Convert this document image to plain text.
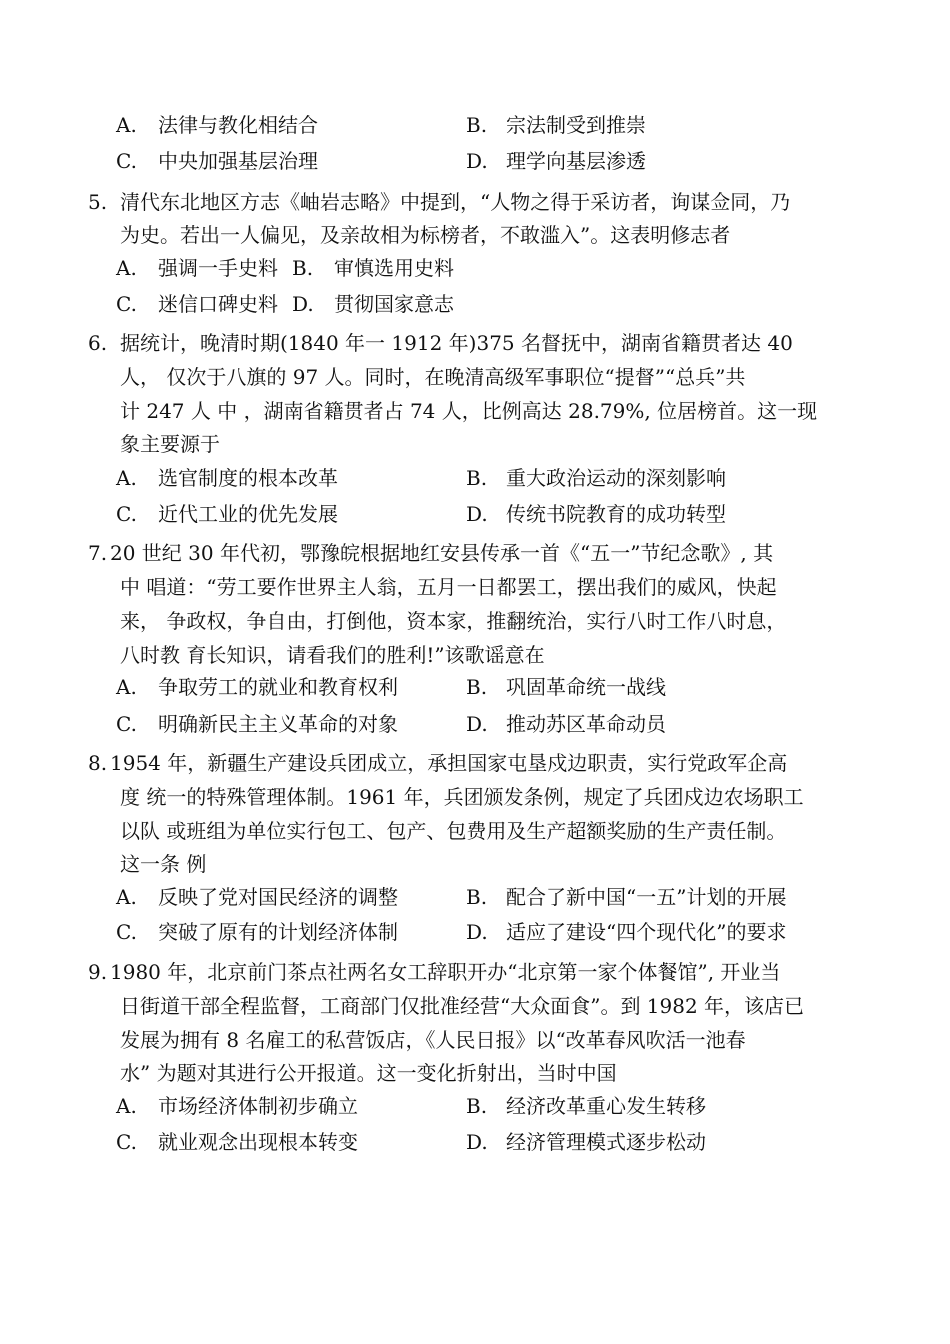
A. 法律与教化相结合	B. 宗法制受到推崇
C. 中央加强基层治理	D. 理学向基层渗透
5. 清代东北地区方志《岫岩志略》中提到，“人物之得于采访者，询谋佥同，乃
为史。若出一人偏见，及亲故相为标榜者，不敢滥入”。这表明修志者
A. 强调一手史料 B. 审慎选用史料
C. 迷信口碑史料 D. 贯彻国家意志
6. 据统计，晚清时期(1840 年一 1912 年)375 名督抚中，湖南省籍贯者达 40
人， 仅次于八旗的 97 人。同时，在晚清高级军事职位“提督”“总兵”共
计 247 人 中 ，湖南省籍贯者占 74 人，比例高达 28.79%, 位居榜首。这一现
象主要源于
A. 选官制度的根本改革	B. 重大政治运动的深刻影响
C. 近代工业的优先发展	D. 传统书院教育的成功转型
7. 20 世纪 30 年代初，鄂豫皖根据地红安县传承一首《“五一”节纪念歌》, 其
中 唱道：“劳工要作世界主人翁，五月一日都罢工，摆出我们的威风，快起
来， 争政权，争自由，打倒他，资本家，推翻统治，实行八时工作八时息，
八时教 育长知识，请看我们的胜利!”该歌谣意在
A. 争取劳工的就业和教育权利	B. 巩固革命统一战线
C. 明确新民主主义革命的对象	D. 推动苏区革命动员
8. 1954 年，新疆生产建设兵团成立，承担国家屯垦戍边职责，实行党政军企高
度 统一的特殊管理体制。1961 年，兵团颁发条例，规定了兵团戍边农场职工
以队 或班组为单位实行包工、包产、包费用及生产超额奖励的生产责任制。
这一条 例
A. 反映了党对国民经济的调整	B. 配合了新中国“一五”计划的开展
C. 突破了原有的计划经济体制	D. 适应了建设“四个现代化”的要求
9. 1980 年，北京前门茶点社两名女工辞职开办“北京第一家个体餐馆”, 开业当
日街道干部全程监督，工商部门仅批准经营“大众面食”。到 1982 年，该店已
发展为拥有 8 名雇工的私营饭店，《人民日报》以“改革春风吹活一池春
水” 为题对其进行公开报道。这一变化折射出，当时中国
A. 市场经济体制初步确立	B. 经济改革重心发生转移
C. 就业观念出现根本转变	D. 经济管理模式逐步松动
